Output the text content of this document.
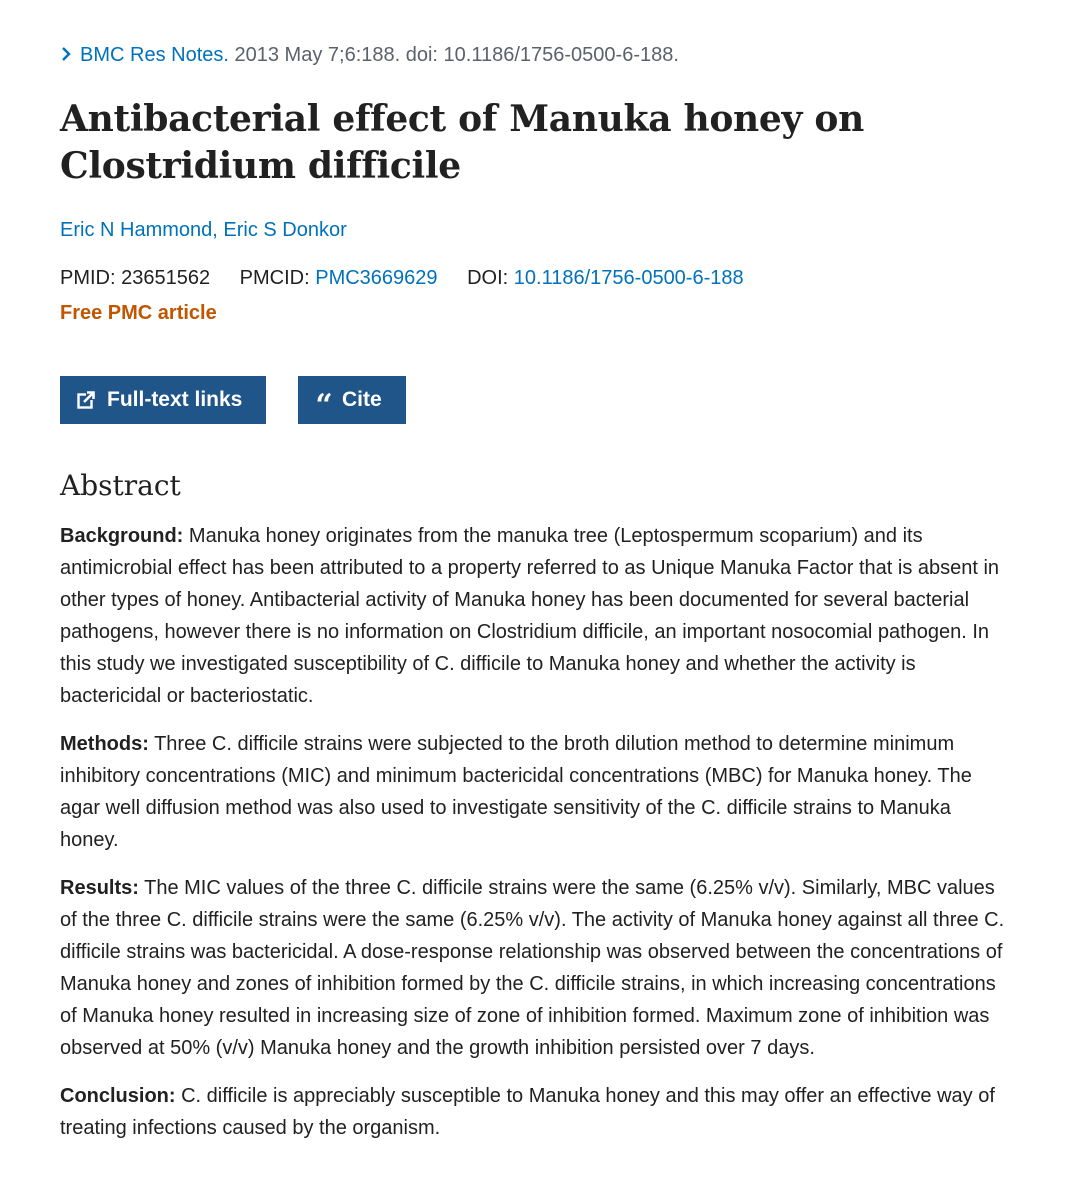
BMC Res Notes. 2013 May 7;6:188. doi: 10.1186/1756-0500-6-188.
Antibacterial effect of Manuka honey on Clostridium difficile
Eric N Hammond, Eric S Donkor
PMID: 23651562 PMCID: PMC3669629 DOI: 10.1186/1756-0500-6-188
Free PMC article
Full-text links “ Cite
Abstract

Background: Manuka honey originates from the manuka tree (Leptospermum scoparium) and its antimicrobial effect has been attributed to a property referred to as Unique Manuka Factor that is absent in other types of honey. Antibacterial activity of Manuka honey has been documented for several bacterial pathogens, however there is no information on Clostridium difficile, an important nosocomial pathogen. In this study we investigated susceptibility of C. difficile to Manuka honey and whether the activity is bactericidal or bacteriostatic.

Methods: Three C. difficile strains were subjected to the broth dilution method to determine minimum inhibitory concentrations (MIC) and minimum bactericidal concentrations (MBC) for Manuka honey. The agar well diffusion method was also used to investigate sensitivity of the C. difficile strains to Manuka honey.

Results: The MIC values of the three C. difficile strains were the same (6.25% v/v). Similarly, MBC values of the three C. difficile strains were the same (6.25% v/v). The activity of Manuka honey against all three C. difficile strains was bactericidal. A dose-response relationship was observed between the concentrations of Manuka honey and zones of inhibition formed by the C. difficile strains, in which increasing concentrations of Manuka honey resulted in increasing size of zone of inhibition formed. Maximum zone of inhibition was observed at 50% (v/v) Manuka honey and the growth inhibition persisted over 7 days.

Conclusion: C. difficile is appreciably susceptible to Manuka honey and this may offer an effective way of treating infections caused by the organism.
